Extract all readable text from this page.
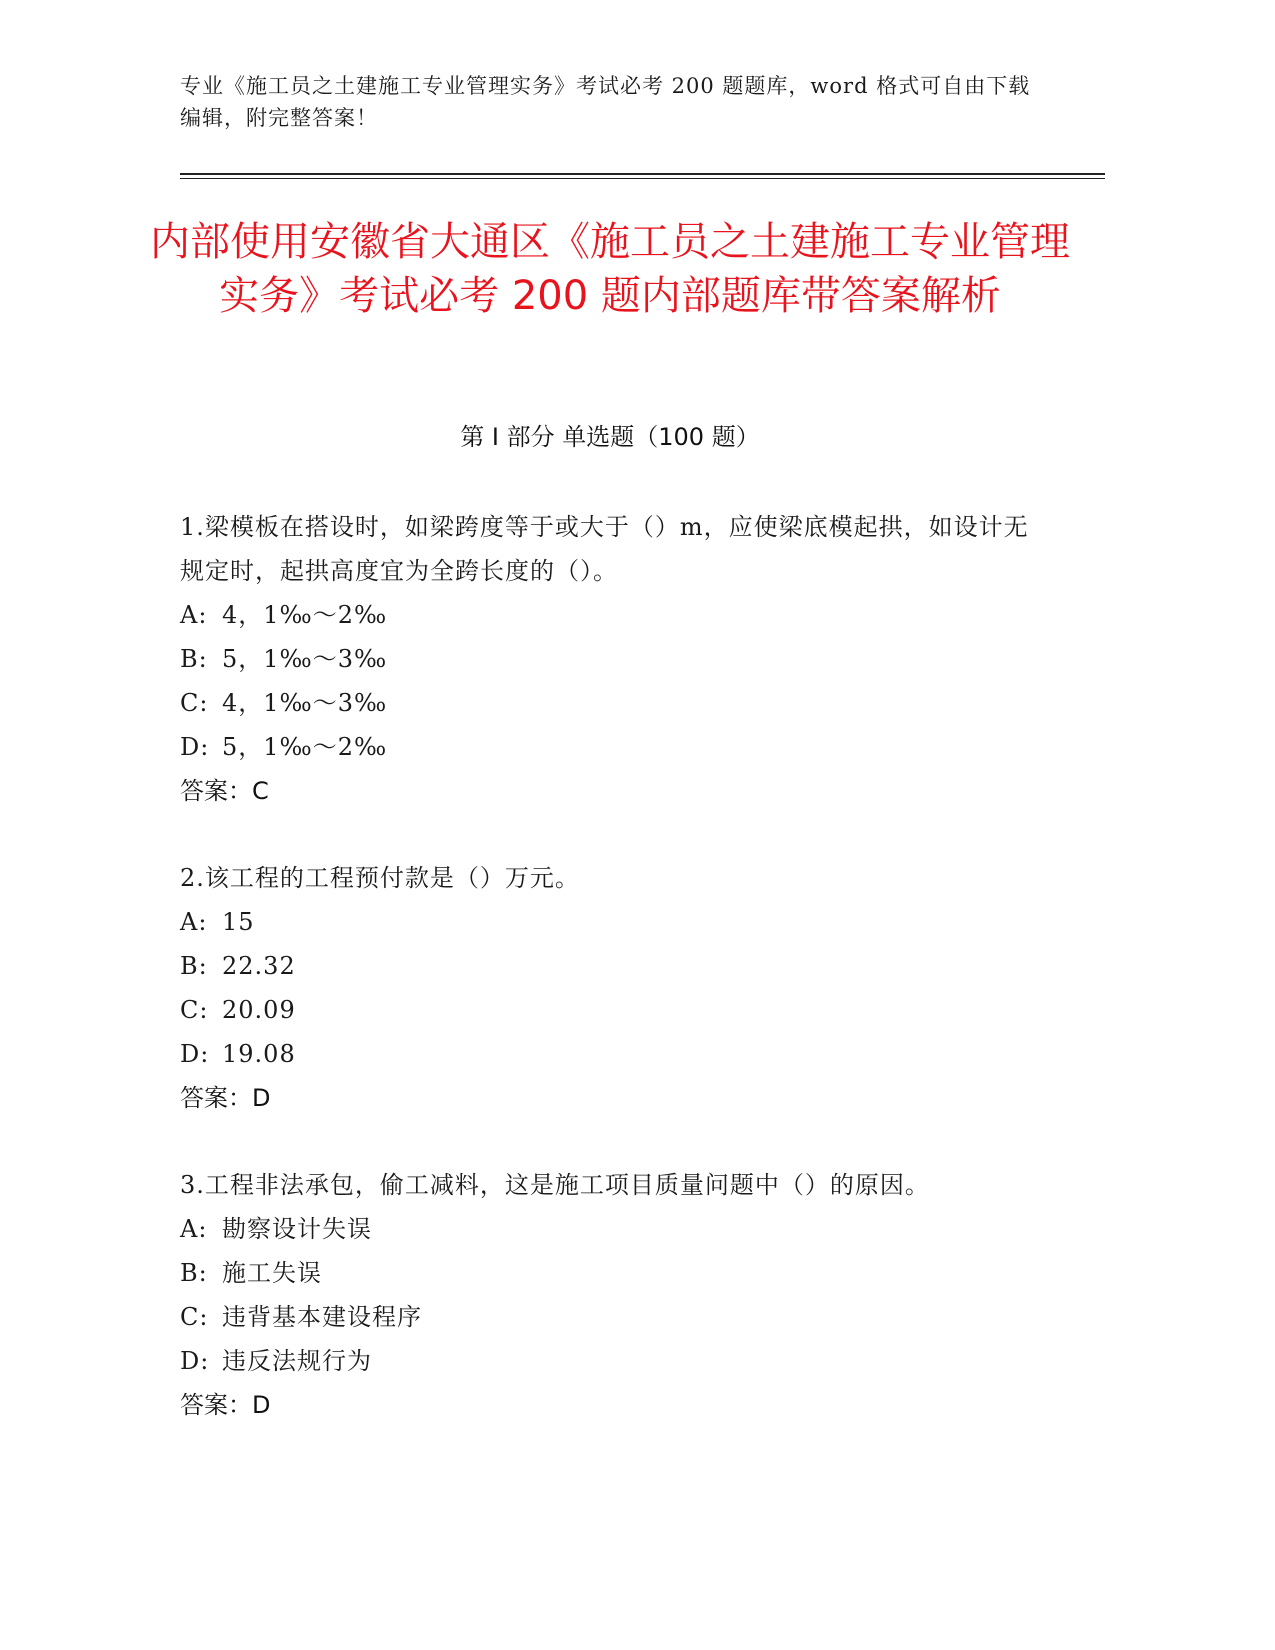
专业《施工员之土建施工专业管理实务》考试必考 200 题题库，word 格式可自由下载编辑，附完整答案！
内部使用安徽省大通区《施工员之土建施工专业管理实务》考试必考 200 题内部题库带答案解析
第 I 部分 单选题（100 题）
1.梁模板在搭设时，如梁跨度等于或大于（）m，应使梁底模起拱，如设计无规定时，起拱高度宜为全跨长度的（）。
A: 4，1‰～2‰
B: 5，1‰～3‰
C: 4，1‰～3‰
D: 5，1‰～2‰
答案：C
2.该工程的工程预付款是（）万元。
A: 15
B: 22.32
C: 20.09
D: 19.08
答案：D
3.工程非法承包，偷工减料，这是施工项目质量问题中（）的原因。
A: 勘察设计失误
B: 施工失误
C: 违背基本建设程序
D: 违反法规行为
答案：D
